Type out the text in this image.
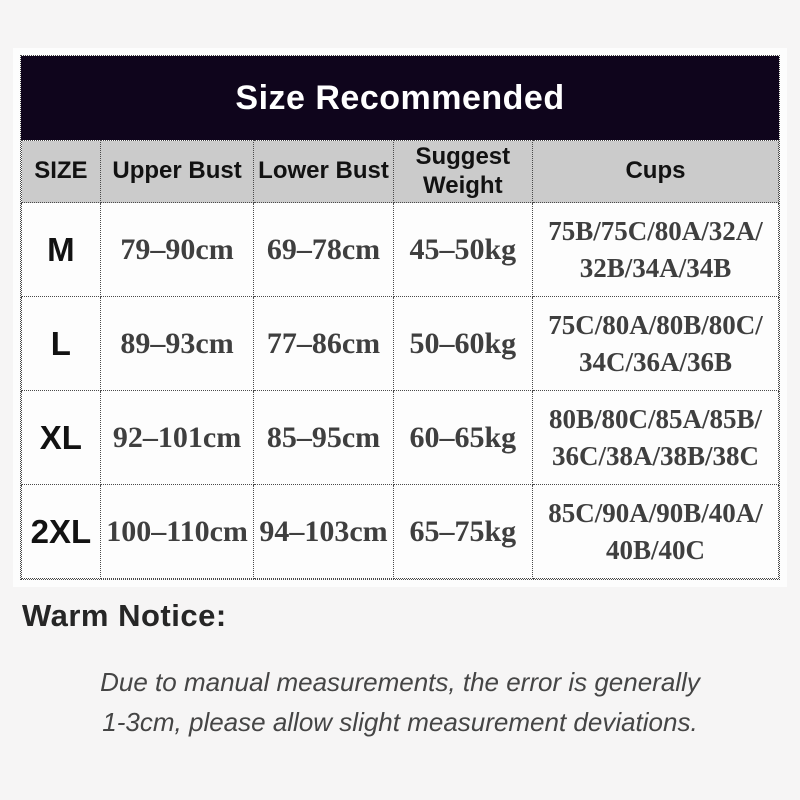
Size Recommended
SIZE	Upper Bust	Lower Bust	Suggest Weight	Cups
M	79–90cm	69–78cm	45–50kg	75B/75C/80A/32A/
32B/34A/34B
L	89–93cm	77–86cm	50–60kg	75C/80A/80B/80C/
34C/36A/36B
XL	92–101cm	85–95cm	60–65kg	80B/80C/85A/85B/
36C/38A/38B/38C
2XL	100–110cm	94–103cm	65–75kg	85C/90A/90B/40A/
40B/40C
Warm Notice:
Due to manual measurements, the error is generally
1-3cm, please allow slight measurement deviations.
